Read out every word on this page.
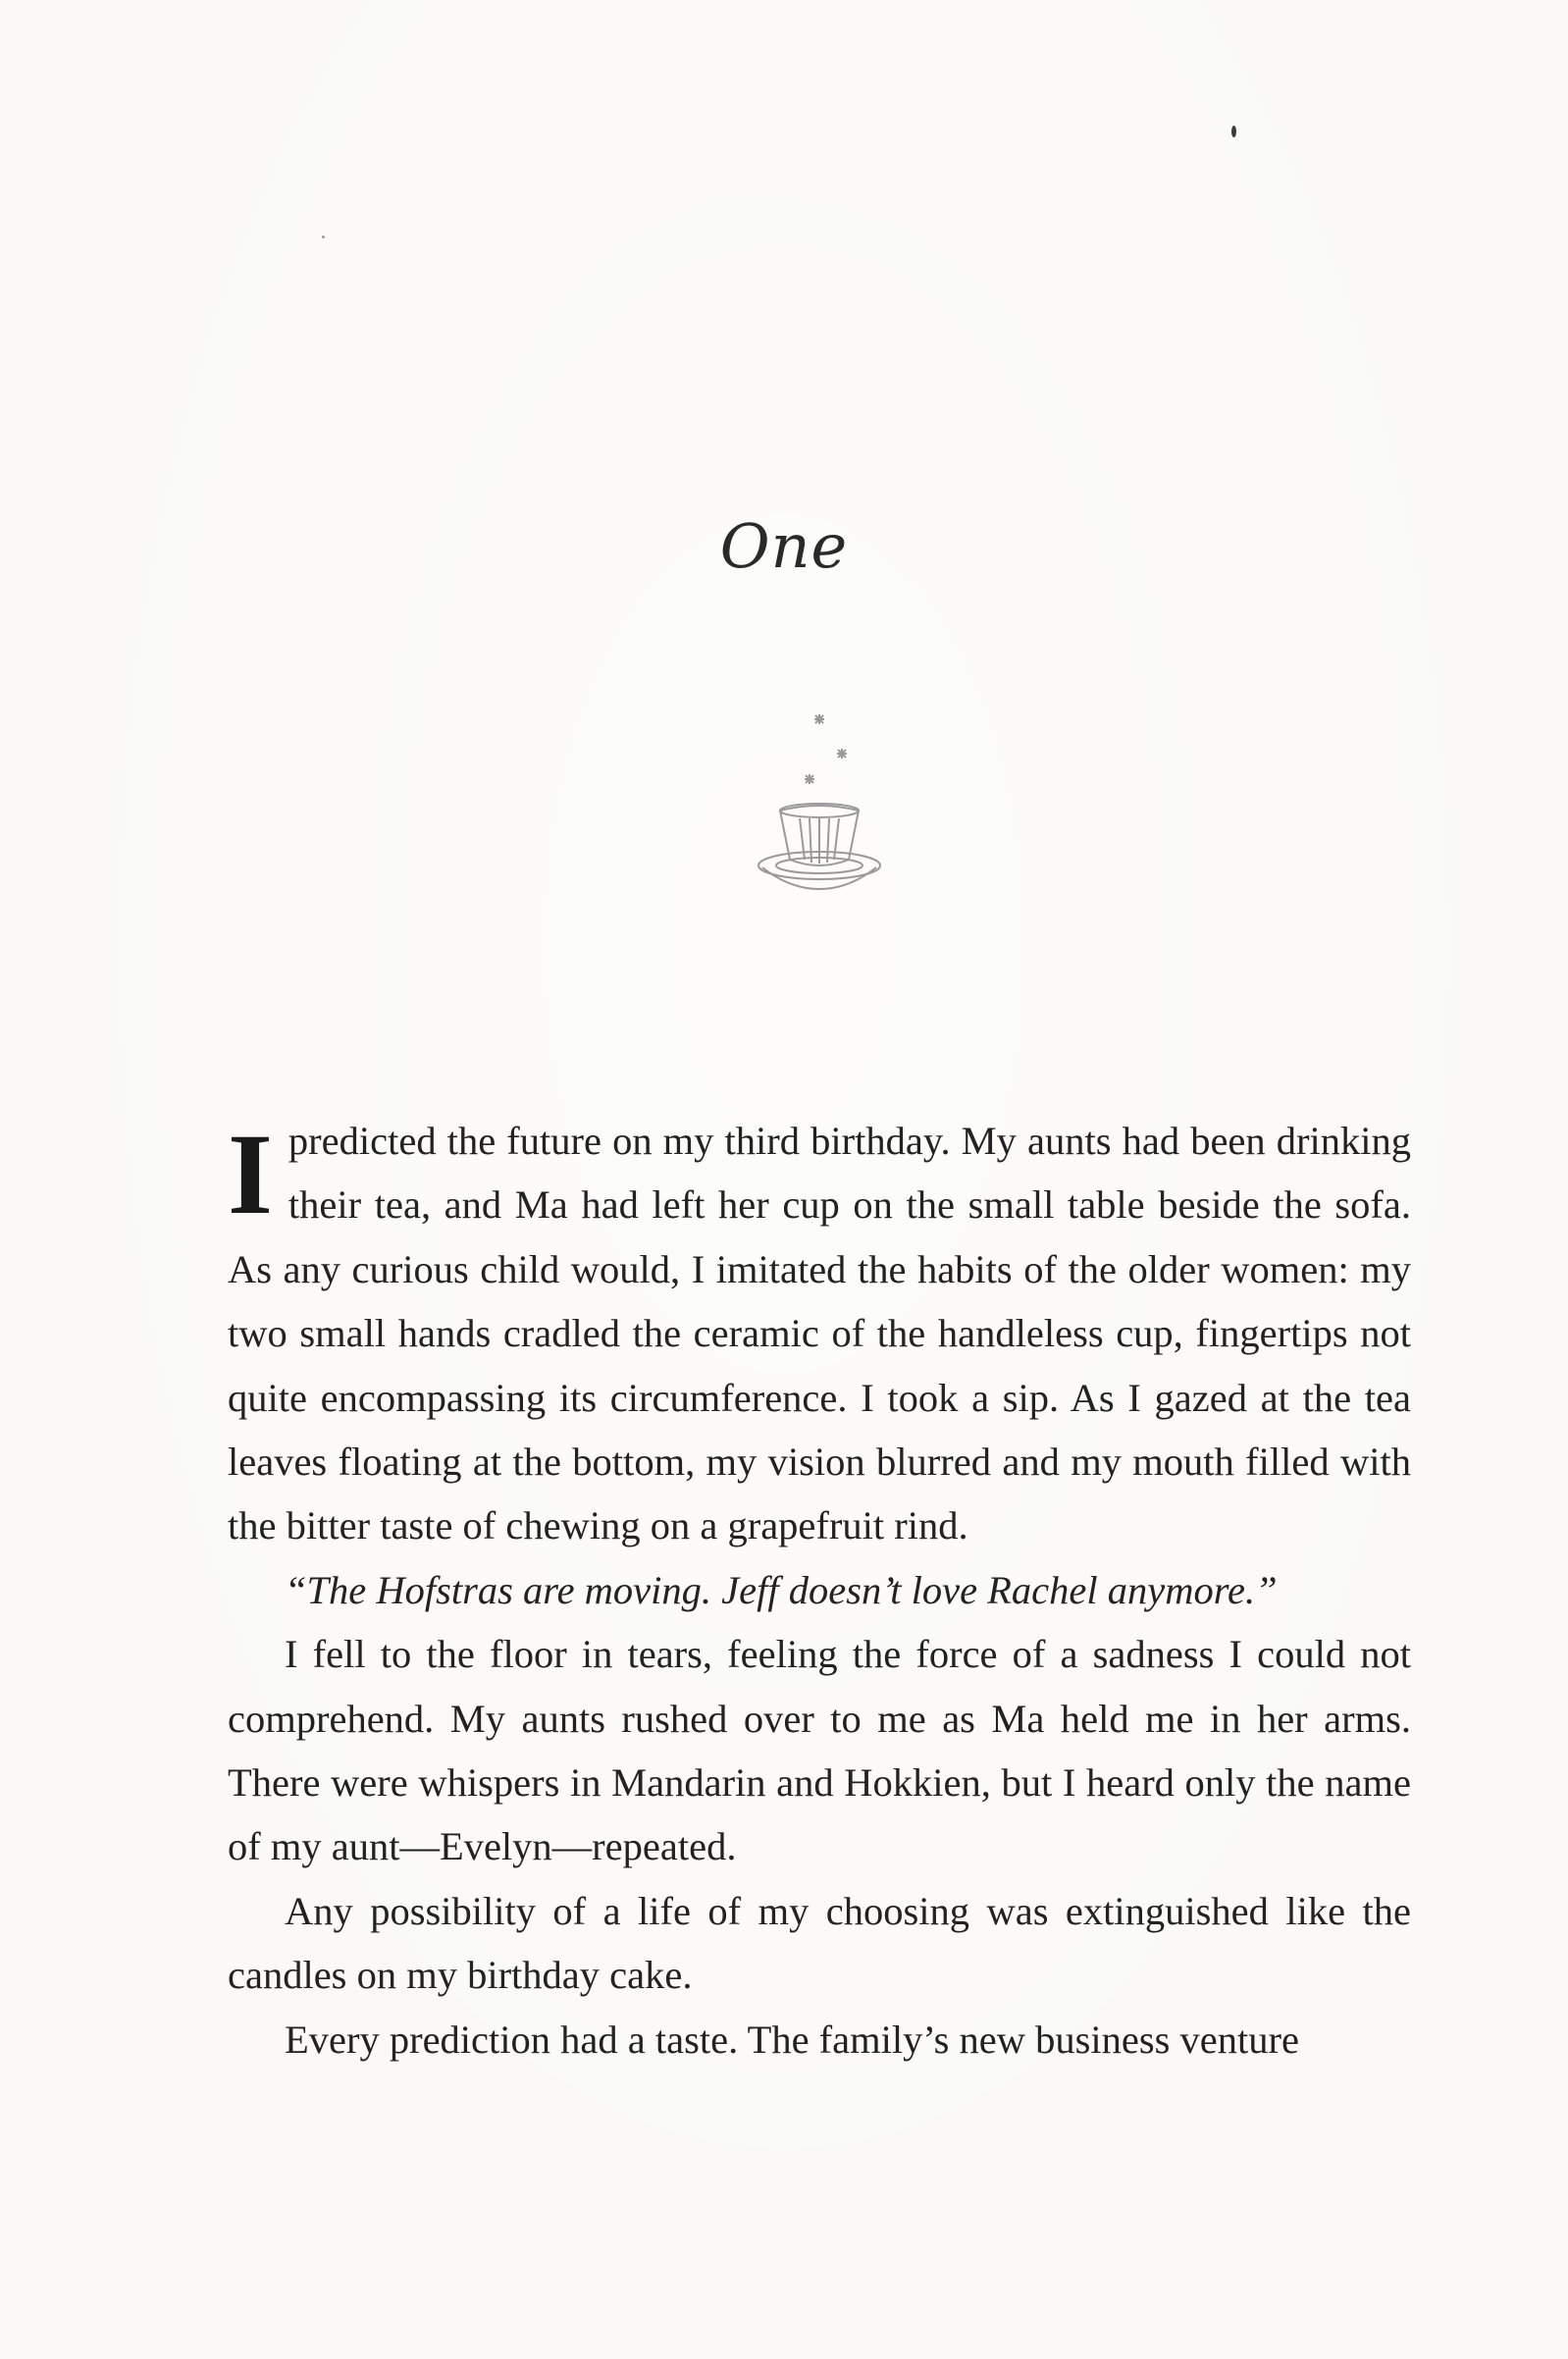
One

I predicted the future on my third birthday. My aunts had been drinking their tea, and Ma had left her cup on the small table beside the sofa. As any curious child would, I imitated the habits of the older women: my two small hands cradled the ceramic of the handleless cup, fingertips not quite encompassing its circumference. I took a sip. As I gazed at the tea leaves floating at the bottom, my vision blurred and my mouth filled with the bitter taste of chewing on a grapefruit rind.

“The Hofstras are moving. Jeff doesn’t love Rachel anymore.”

I fell to the floor in tears, feeling the force of a sadness I could not comprehend. My aunts rushed over to me as Ma held me in her arms. There were whispers in Mandarin and Hokkien, but I heard only the name of my aunt—Evelyn—repeated.

Any possibility of a life of my choosing was extinguished like the candles on my birthday cake.

Every prediction had a taste. The family’s new business venture
